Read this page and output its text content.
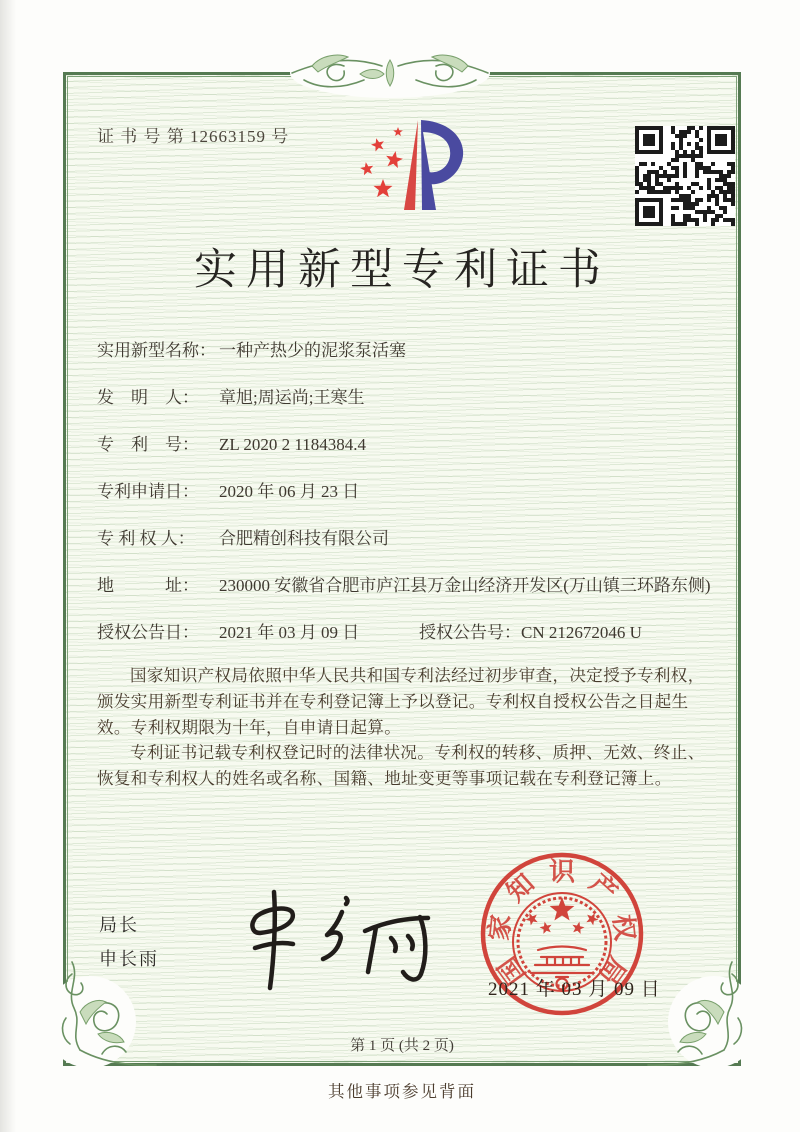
证 书 号 第 12663159 号
实用新型专利证书
实用新型名称： 一种产热少的泥浆泵活塞
发　明　人：	章旭;周运尚;王寒生
专　利　号：	ZL 2020 2 1184384.4
专利申请日：	2020 年 06 月 23 日
专 利 权 人：	合肥精创科技有限公司
地　　　址：	230000 安徽省合肥市庐江县万金山经济开发区(万山镇三环路东侧)
授权公告日：	2021 年 03 月 09 日	授权公告号： CN 212672046 U

国家知识产权局依照中华人民共和国专利法经过初步审查，决定授予专利权，颁发实用新型专利证书并在专利登记簿上予以登记。专利权自授权公告之日起生效。专利权期限为十年，自申请日起算。

专利证书记载专利权登记时的法律状况。专利权的转移、质押、无效、终止、恢复和专利权人的姓名或名称、国籍、地址变更等事项记载在专利登记簿上。

局长
申长雨	国
家
知 识 产
权
局
2021 年 03 月 09 日
第 1 页 (共 2 页)
其他事项参见背面
